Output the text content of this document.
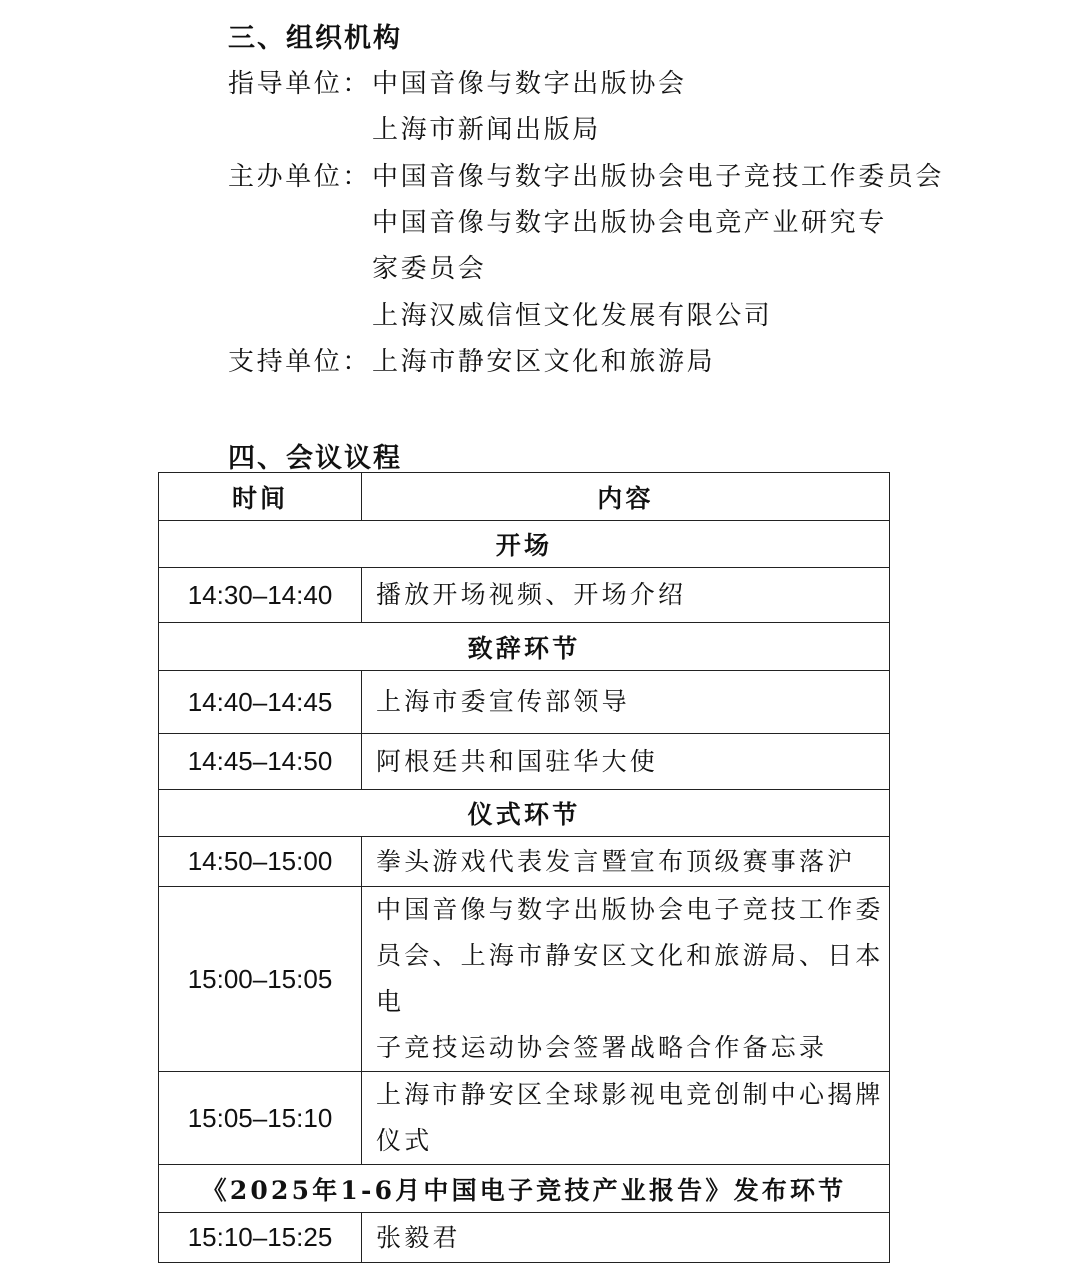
三、组织机构
指导单位： 中国音像与数字出版协会
上海市新闻出版局
主办单位： 中国音像与数字出版协会电子竞技工作委员会
中国音像与数字出版协会电竞产业研究专
家委员会
上海汉威信恒文化发展有限公司
支持单位： 上海市静安区文化和旅游局
四、会议议程
时间	内容
开场	
14:30–14:40	播放开场视频、开场介绍

致辞环节	
14:40–14:45	上海市委宣传部领导

14:45–14:50	阿根廷共和国驻华大使

仪式环节	
14:50–15:00	拳头游戏代表发言暨宣布顶级赛事落沪

15:00–15:05	中国音像与数字出版协会电子竞技工作委
员会、上海市静安区文化和旅游局、日本电
子竞技运动协会签署战略合作备忘录

15:05–15:10	上海市静安区全球影视电竞创制中心揭牌
仪式

《2025年1-6月中国电子竞技产业报告》发布环节	
15:10–15:25	张毅君
